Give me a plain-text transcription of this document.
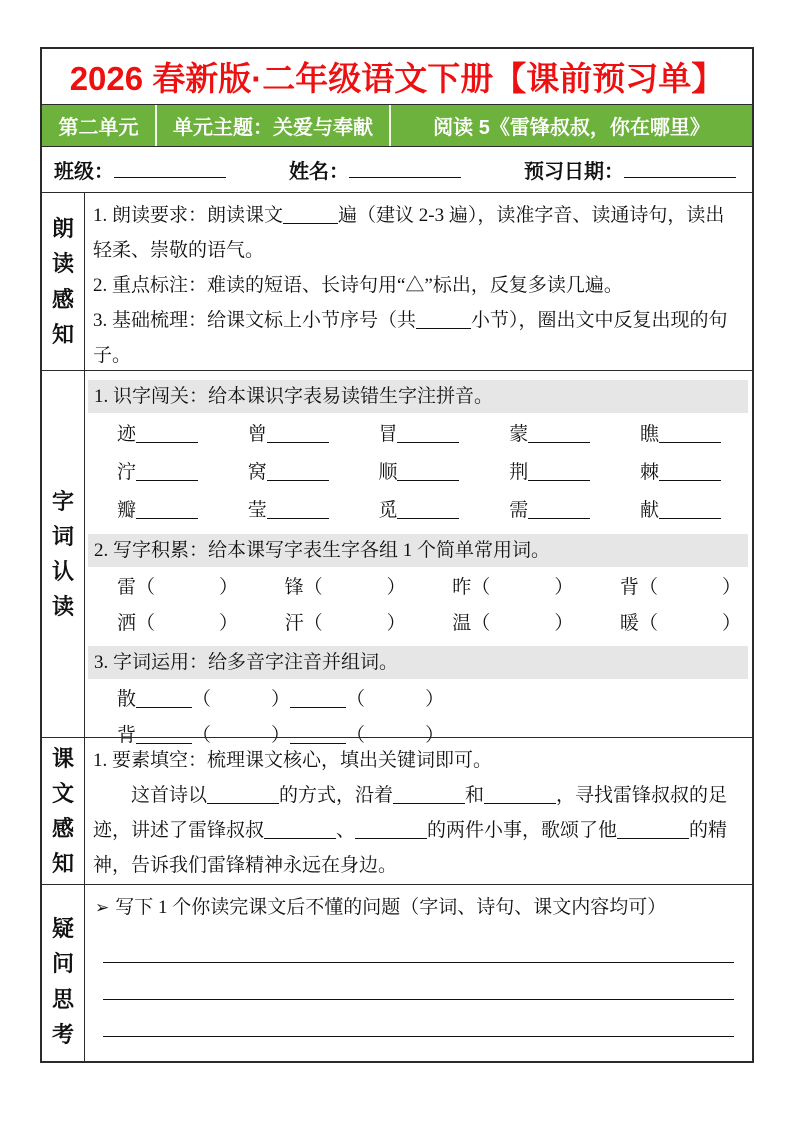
2026 春新版·二年级语文下册【课前预习单】
第二单元	单元主题：关爱与奉献	阅读 5《雷锋叔叔，你在哪里》
班级：	姓名：	预习日期：
朗读感知

1. 朗读要求：朗读课文	遍（建议 2-3 遍），读准字音、读通诗句，读出轻柔、崇敬的语气。

2. 重点标注：难读的短语、长诗句用“△”标出，反复多读几遍。

3. 基础梳理：给课文标上小节序号（共	小节），圈出文中反复出现的句子。

字词认读
1. 识字闯关：给本课识字表易读错生字注拼音。
迹	曾	冒	蒙	瞧
泞	窝	顺	荆	棘
瓣	莹	觅	需	献
2. 写字积累：给本课写字表生字各组 1 个简单常用词。
雷（	） 锋（	） 昨（	） 背（	）
洒（	） 汗（	） 温（	） 暖（	）
3. 字词运用：给多音字注音并组词。
散	（	）	（	）
背	（	）	（	）
课文感知

1. 要素填空：梳理课文核心，填出关键词即可。

这首诗以	的方式，沿着	和	，寻找雷锋叔叔的足迹，讲述了雷锋叔叔	、	的两件小事，歌颂了他	的精神，告诉我们雷锋精神永远在身边。

疑问思考

➢ 写下 1 个你读完课文后不懂的问题（字词、诗句、课文内容均可）
